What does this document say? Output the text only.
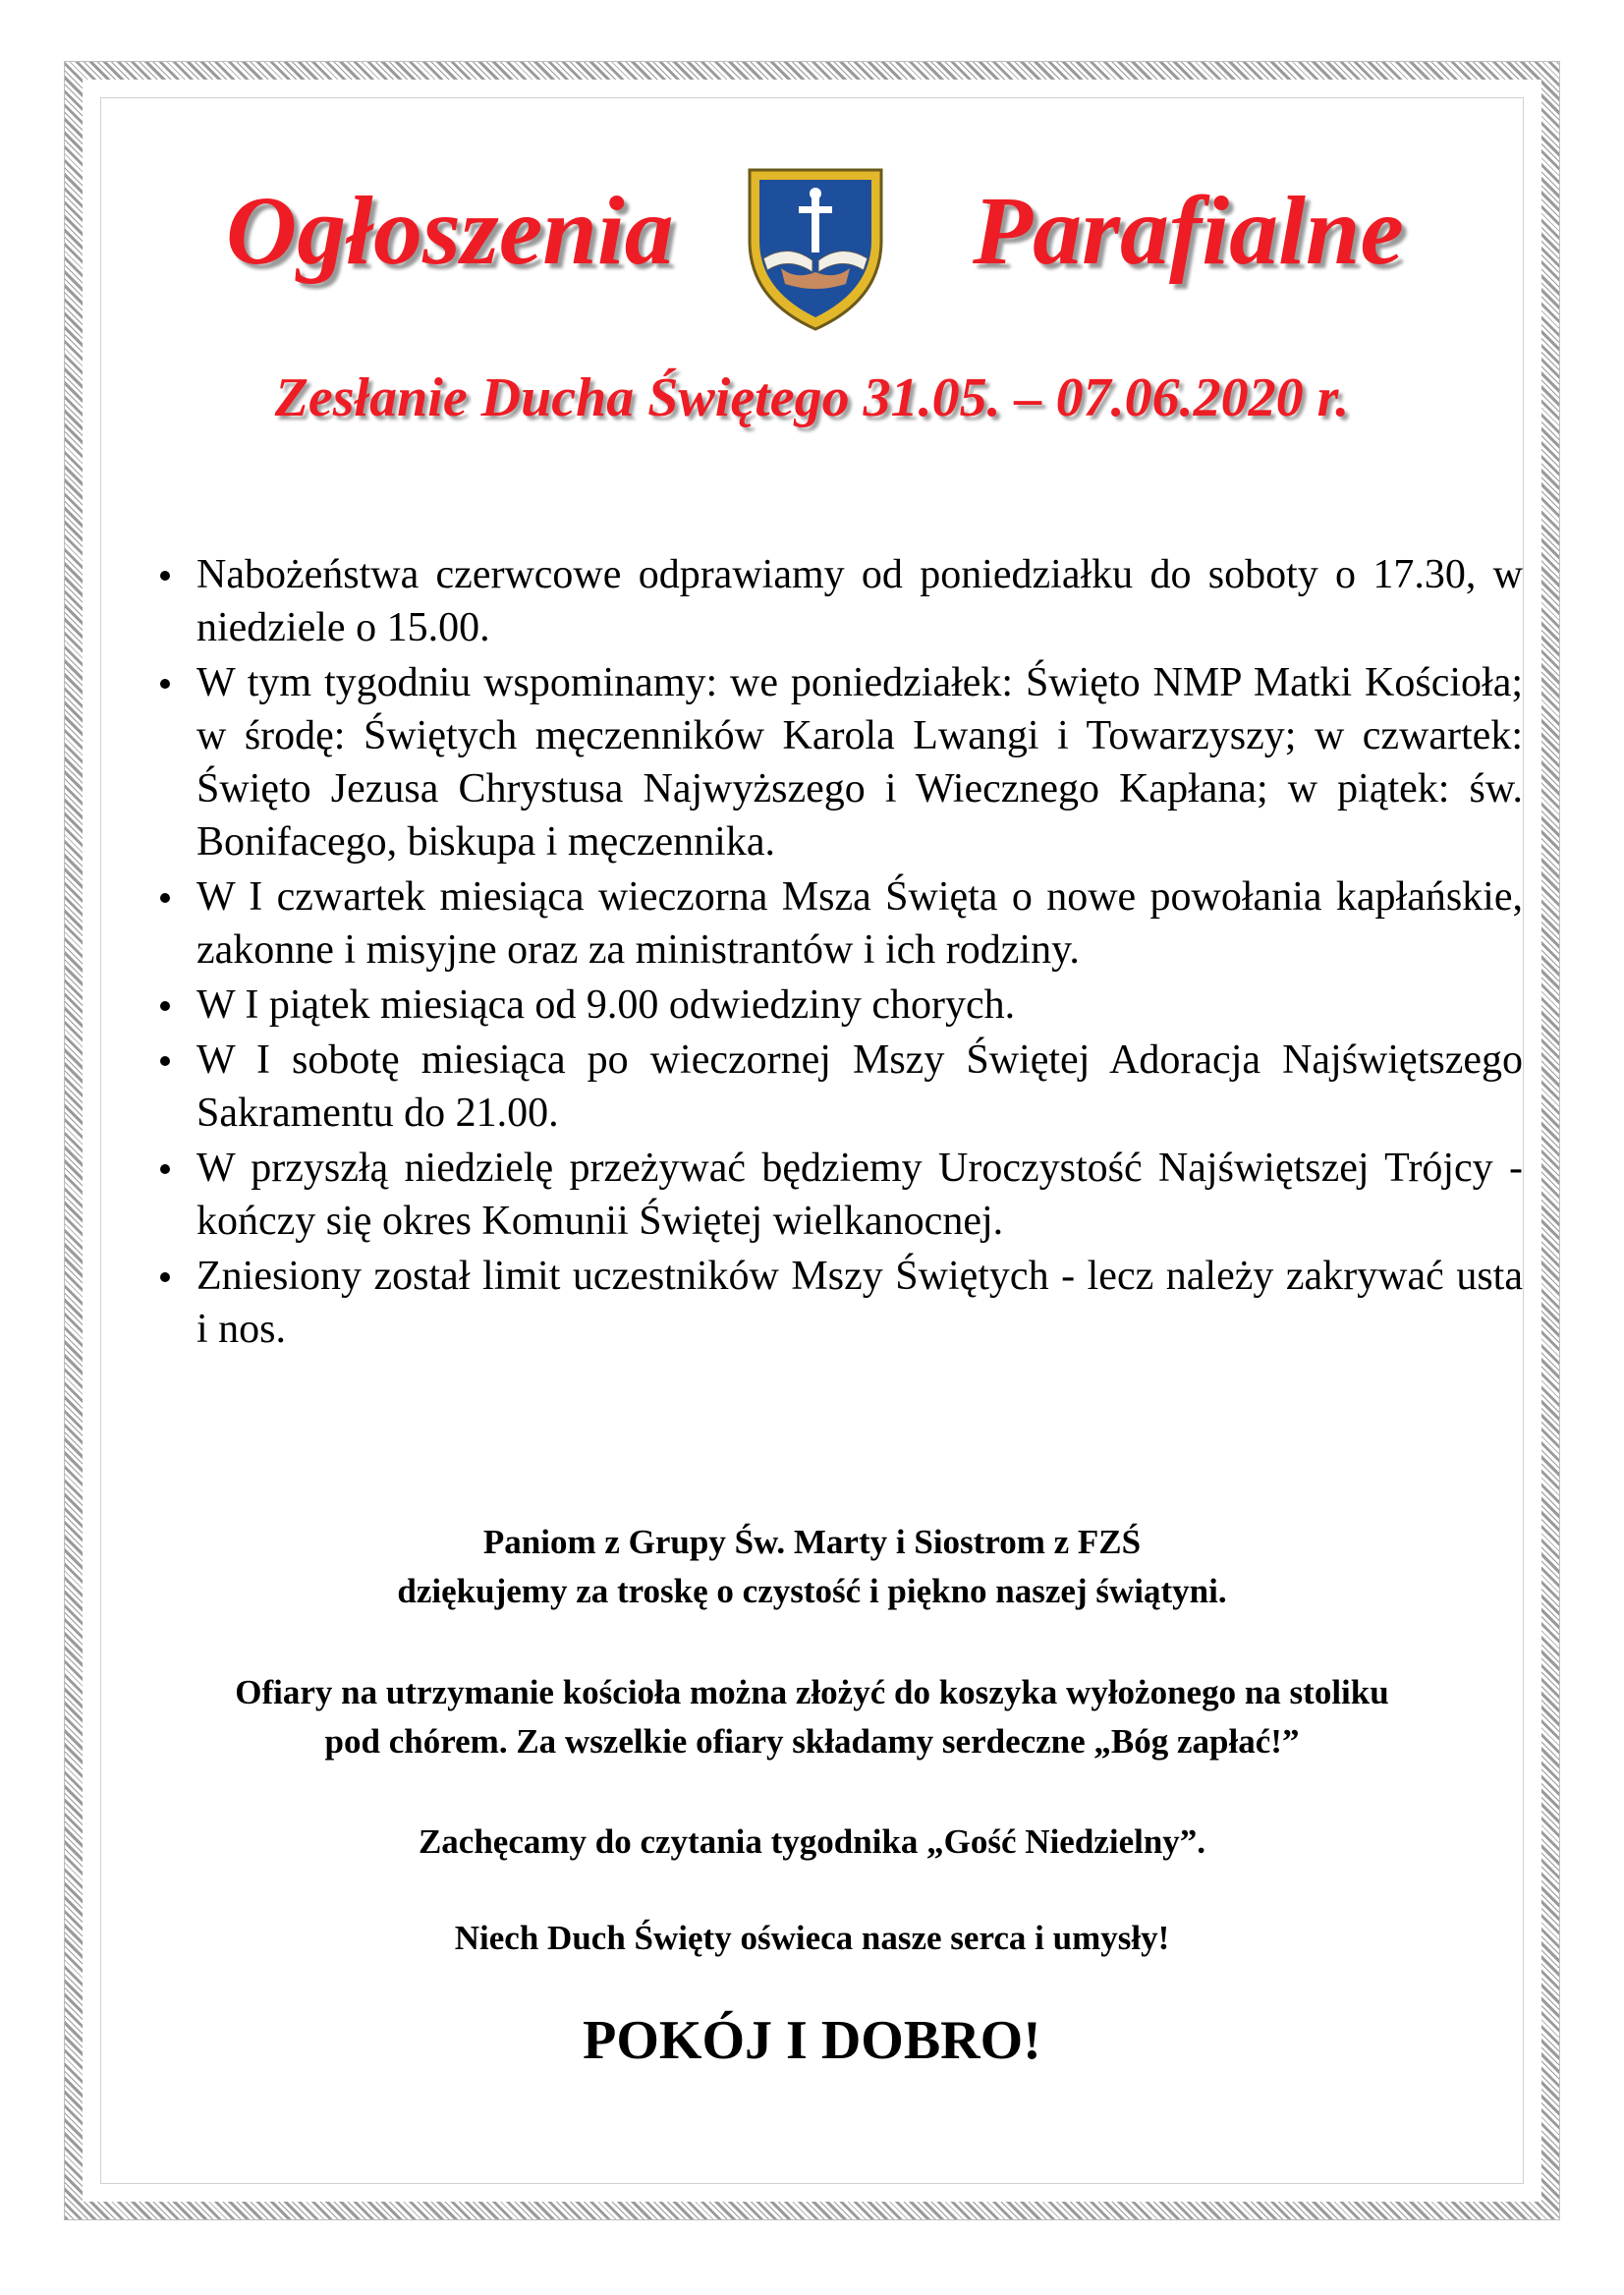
Ogłoszenia	Parafialne
Zesłanie Ducha Świętego 31.05. – 07.06.2020 r.
Nabożeństwa czerwcowe odprawiamy od poniedziałku do soboty o 17.30, w niedziele o 15.00.
W tym tygodniu wspominamy: we poniedziałek: Święto NMP Matki Kościoła; w środę: Świętych męczenników Karola Lwangi i Towarzyszy; w czwartek: Święto Jezusa Chrystusa Najwyższego i Wiecznego Kapłana; w piątek: św. Bonifacego, biskupa i męczennika.
W I czwartek miesiąca wieczorna Msza Święta o nowe powołania kapłańskie, zakonne i misyjne oraz za ministrantów i ich rodziny.
W I piątek miesiąca od 9.00 odwiedziny chorych.
W I sobotę miesiąca po wieczornej Mszy Świętej Adoracja Najświętszego Sakramentu do 21.00.
W przyszłą niedzielę przeżywać będziemy Uroczystość Najświętszej Trójcy - kończy się okres Komunii Świętej wielkanocnej.
Zniesiony został limit uczestników Mszy Świętych - lecz należy zakrywać usta i nos.
Paniom z Grupy Św. Marty i Siostrom z FZŚ
dziękujemy za troskę o czystość i piękno naszej świątyni.
Ofiary na utrzymanie kościoła można złożyć do koszyka wyłożonego na stoliku
pod chórem. Za wszelkie ofiary składamy serdeczne „Bóg zapłać!”
Zachęcamy do czytania tygodnika „Gość Niedzielny”.
Niech Duch Święty oświeca nasze serca i umysły!
POKÓJ I DOBRO!
